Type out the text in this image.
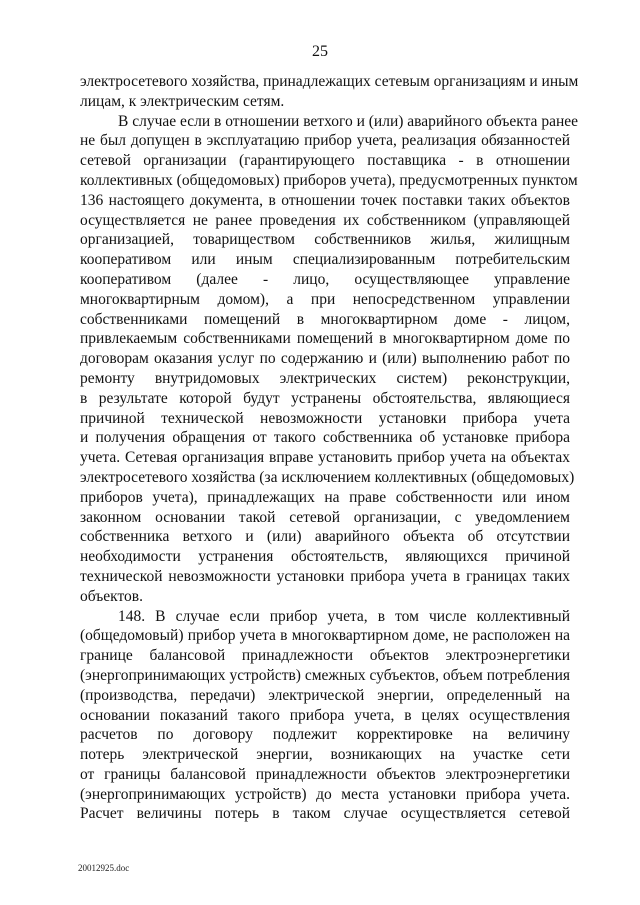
25
электросетевого хозяйства, принадлежащих сетевым организациям и иным
лицам, к электрическим сетям.
В случае если в отношении ветхого и (или) аварийного объекта ранее
не был допущен в эксплуатацию прибор учета, реализация обязанностей
сетевой организации (гарантирующего поставщика - в отношении
коллективных (общедомовых) приборов учета), предусмотренных пунктом
136 настоящего документа, в отношении точек поставки таких объектов
осуществляется не ранее проведения их собственником (управляющей
организацией, товариществом собственников жилья, жилищным
кооперативом или иным специализированным потребительским
кооперативом (далее - лицо, осуществляющее управление
многоквартирным домом), а при непосредственном управлении
собственниками помещений в многоквартирном доме - лицом,
привлекаемым собственниками помещений в многоквартирном доме по
договорам оказания услуг по содержанию и (или) выполнению работ по
ремонту внутридомовых электрических систем) реконструкции,
в результате которой будут устранены обстоятельства, являющиеся
причиной технической невозможности установки прибора учета
и получения обращения от такого собственника об установке прибора
учета. Сетевая организация вправе установить прибор учета на объектах
электросетевого хозяйства (за исключением коллективных (общедомовых)
приборов учета), принадлежащих на праве собственности или ином
законном основании такой сетевой организации, с уведомлением
собственника ветхого и (или) аварийного объекта об отсутствии
необходимости устранения обстоятельств, являющихся причиной
технической невозможности установки прибора учета в границах таких
объектов.
148. В случае если прибор учета, в том числе коллективный
(общедомовый) прибор учета в многоквартирном доме, не расположен на
границе балансовой принадлежности объектов электроэнергетики
(энергопринимающих устройств) смежных субъектов, объем потребления
(производства, передачи) электрической энергии, определенный на
основании показаний такого прибора учета, в целях осуществления
расчетов по договору подлежит корректировке на величину
потерь электрической энергии, возникающих на участке сети
от границы балансовой принадлежности объектов электроэнергетики
(энергопринимающих устройств) до места установки прибора учета.
Расчет величины потерь в таком случае осуществляется сетевой
20012925.doc
